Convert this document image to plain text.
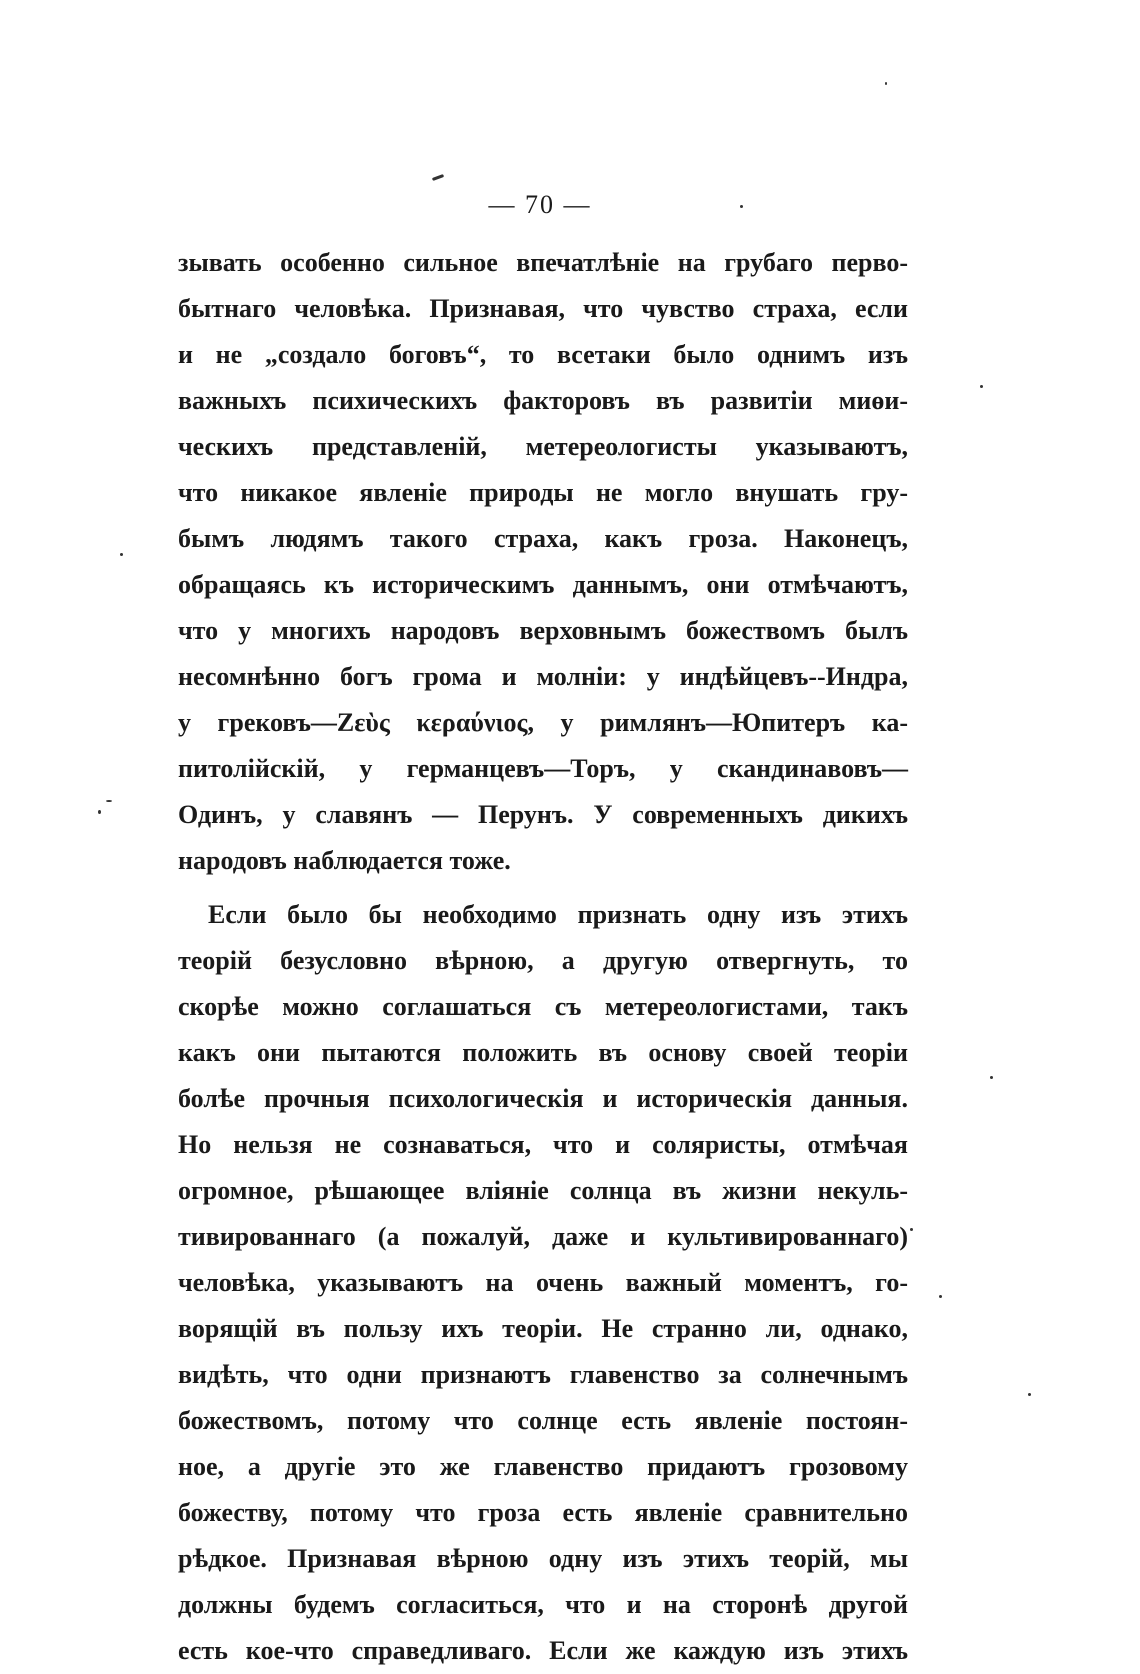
— 70 —
зывать особенно сильное впечатлѣніе на грубаго перво-
бытнаго человѣка. Признавая, что чувство страха, если
и не „создало боговъ“, то всетаки было однимъ изъ
важныхъ психическихъ факторовъ въ развитіи миөи-
ческихъ представленій, метереологисты указываютъ,
что никакое явленіе природы не могло внушать гру-
бымъ людямъ такого страха, какъ гроза. Наконецъ,
обращаясь къ историческимъ даннымъ, они отмѣчаютъ,
что у многихъ народовъ верховнымъ божествомъ былъ
несомнѣнно богъ грома и молніи: у индѣйцевъ--Индра,
у грековъ—Ζεὺς κεραύνιος, у римлянъ—Юпитеръ ка-
питолійскій, у германцевъ—Торъ, у скандинавовъ—
Одинъ, у славянъ — Перунъ. У современныхъ дикихъ
народовъ наблюдается тоже.
Если было бы необходимо признать одну изъ этихъ
теорій безусловно вѣрною, а другую отвергнуть, то
скорѣе можно соглашаться съ метереологистами, такъ
какъ они пытаются положить въ основу своей теоріи
болѣе прочныя психологическія и историческія данныя.
Но нельзя не сознаваться, что и соляристы, отмѣчая
огромное, рѣшающее вліяніе солнца въ жизни некуль-
тивированнаго (а пожалуй, даже и культивированнаго)
человѣка, указываютъ на очень важный моментъ, го-
ворящій въ пользу ихъ теоріи. Не странно ли, однако,
видѣть, что одни признаютъ главенство за солнечнымъ
божествомъ, потому что солнце есть явленіе постоян-
ное, а другіе это же главенство придаютъ грозовому
божеству, потому что гроза есть явленіе сравнительно
рѣдкое. Признавая вѣрною одну изъ этихъ теорій, мы
должны будемъ согласиться, что и на сторонѣ другой
есть кое-что справедливаго. Если же каждую изъ этихъ
